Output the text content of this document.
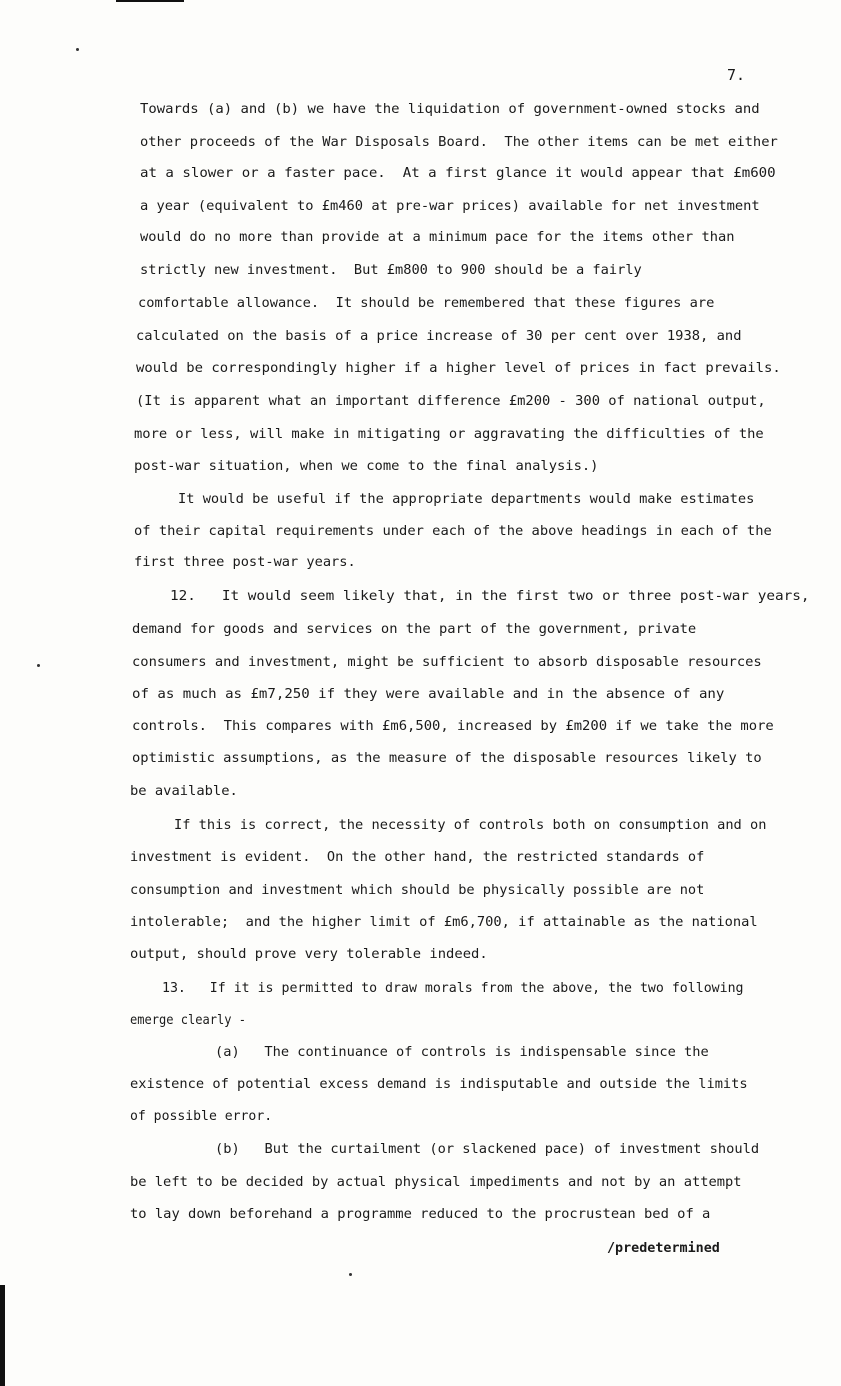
7.
Towards (a) and (b) we have the liquidation of government-owned stocks and
other proceeds of the War Disposals Board.  The other items can be met either
at a slower or a faster pace.  At a first glance it would appear that £m600
a year (equivalent to £m460 at pre-war prices) available for net investment
would do no more than provide at a minimum pace for the items other than
strictly new investment.  But £m800 to 900 should be a fairly
comfortable allowance.  It should be remembered that these figures are
calculated on the basis of a price increase of 30 per cent over 1938, and
would be correspondingly higher if a higher level of prices in fact prevails.
(It is apparent what an important difference £m200 - 300 of national output,
more or less, will make in mitigating or aggravating the difficulties of the
post-war situation, when we come to the final analysis.)
It would be useful if the appropriate departments would make estimates
of their capital requirements under each of the above headings in each of the
first three post-war years.
12.   It would seem likely that, in the first two or three post-war years,
demand for goods and services on the part of the government, private
consumers and investment, might be sufficient to absorb disposable resources
of as much as £m7,250 if they were available and in the absence of any
controls.  This compares with £m6,500, increased by £m200 if we take the more
optimistic assumptions, as the measure of the disposable resources likely to
be available.
If this is correct, the necessity of controls both on consumption and on
investment is evident.  On the other hand, the restricted standards of
consumption and investment which should be physically possible are not
intolerable;  and the higher limit of £m6,700, if attainable as the national
output, should prove very tolerable indeed.
13.   If it is permitted to draw morals from the above, the two following
emerge clearly -
(a)   The continuance of controls is indispensable since the
existence of potential excess demand is indisputable and outside the limits
of possible error.
(b)   But the curtailment (or slackened pace) of investment should
be left to be decided by actual physical impediments and not by an attempt
to lay down beforehand a programme reduced to the procrustean bed of a
/predetermined
